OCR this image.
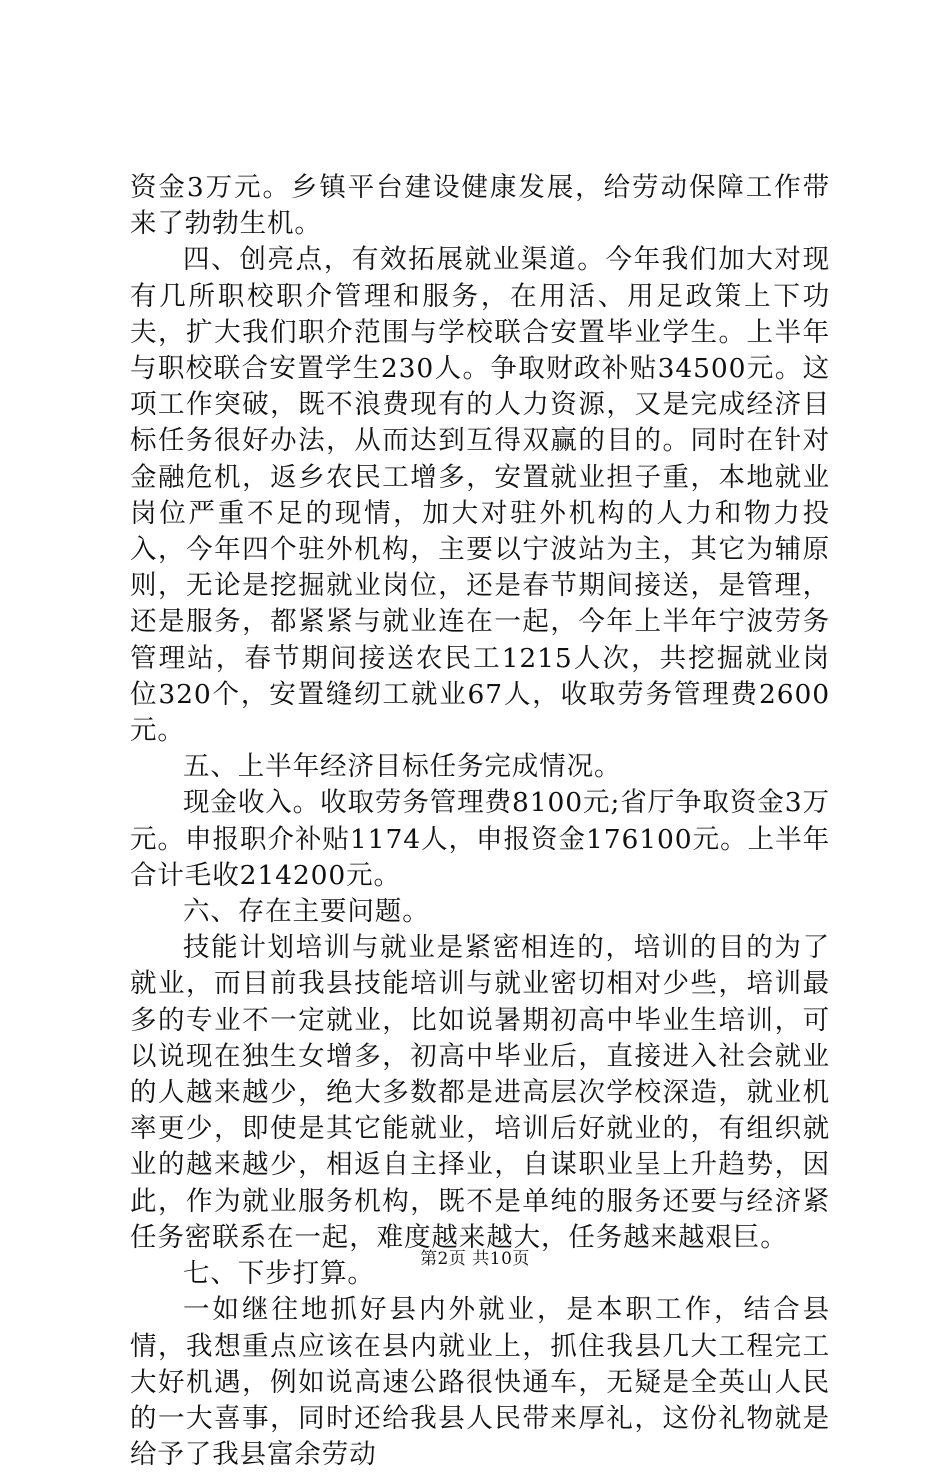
资金3万元。乡镇平台建设健康发展，给劳动保障工作带来了勃勃生机。

四、创亮点，有效拓展就业渠道。今年我们加大对现有几所职校职介管理和服务，在用活、用足政策上下功夫，扩大我们职介范围与学校联合安置毕业学生。上半年与职校联合安置学生230人。争取财政补贴34500元。这项工作突破，既不浪费现有的人力资源，又是完成经济目标任务很好办法，从而达到互得双赢的目的。同时在针对金融危机，返乡农民工增多，安置就业担子重，本地就业岗位严重不足的现情，加大对驻外机构的人力和物力投入，今年四个驻外机构，主要以宁波站为主，其它为辅原则，无论是挖掘就业岗位，还是春节期间接送，是管理，还是服务，都紧紧与就业连在一起，今年上半年宁波劳务管理站，春节期间接送农民工1215人次，共挖掘就业岗位320个，安置缝纫工就业67人，收取劳务管理费2600元。

五、上半年经济目标任务完成情况。

现金收入。收取劳务管理费8100元;省厅争取资金3万元。申报职介补贴1174人，申报资金176100元。上半年合计毛收214200元。

六、存在主要问题。

技能计划培训与就业是紧密相连的，培训的目的为了就业，而目前我县技能培训与就业密切相对少些，培训最多的专业不一定就业，比如说暑期初高中毕业生培训，可以说现在独生女增多，初高中毕业后，直接进入社会就业的人越来越少，绝大多数都是进高层次学校深造，就业机率更少，即使是其它能就业，培训后好就业的，有组织就业的越来越少，相返自主择业，自谋职业呈上升趋势，因此，作为就业服务机构，既不是单纯的服务还要与经济紧任务密联系在一起，难度越来越大，任务越来越艰巨。

七、下步打算。

一如继往地抓好县内外就业，是本职工作，结合县情，我想重点应该在县内就业上，抓住我县几大工程完工大好机遇，例如说高速公路很快通车，无疑是全英山人民的一大喜事，同时还给我县人民带来厚礼，这份礼物就是给予了我县富余劳动

第2页 共10页
